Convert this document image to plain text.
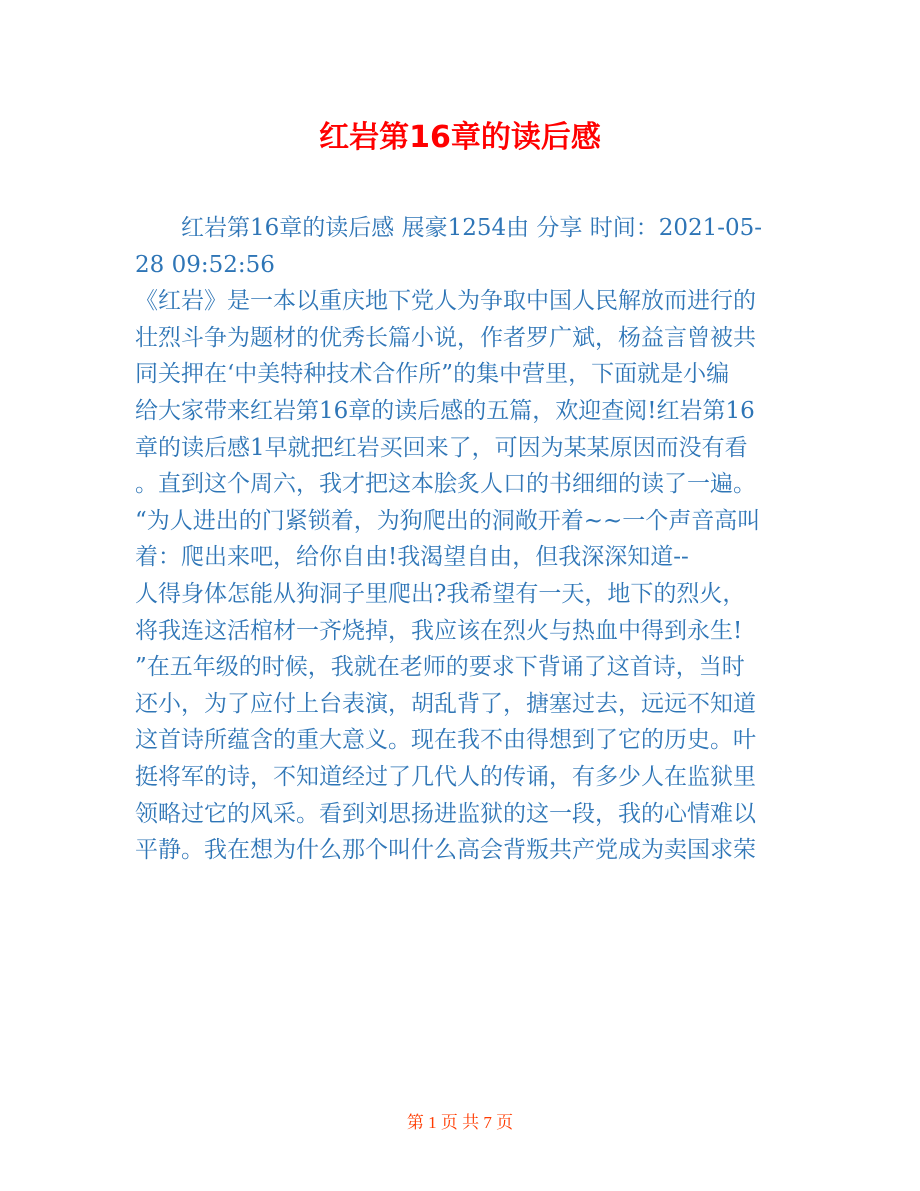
红岩第16章的读后感
红岩第16章的读后感 展豪1254由 分享 时间：2021-05-
28 09:52:56
《红岩》是一本以重庆地下党人为争取中国人民解放而进行的
壮烈斗争为题材的优秀长篇小说，作者罗广斌，杨益言曾被共
同关押在‘中美特种技术合作所”的集中营里，下面就是小编
给大家带来红岩第16章的读后感的五篇，欢迎查阅!红岩第16
章的读后感1早就把红岩买回来了，可因为某某原因而没有看
。直到这个周六，我才把这本脍炙人口的书细细的读了一遍。
“为人进出的门紧锁着，为狗爬出的洞敞开着~~一个声音高叫
着：爬出来吧，给你自由!我渴望自由，但我深深知道--
人得身体怎能从狗洞子里爬出?我希望有一天，地下的烈火，
将我连这活棺材一齐烧掉，我应该在烈火与热血中得到永生!
”在五年级的时候，我就在老师的要求下背诵了这首诗，当时
还小，为了应付上台表演，胡乱背了，搪塞过去，远远不知道
这首诗所蕴含的重大意义。现在我不由得想到了它的历史。叶
挺将军的诗，不知道经过了几代人的传诵，有多少人在监狱里
领略过它的风采。看到刘思扬进监狱的这一段，我的心情难以
平静。我在想为什么那个叫什么高会背叛共产党成为卖国求荣
第 1 页 共 7 页
